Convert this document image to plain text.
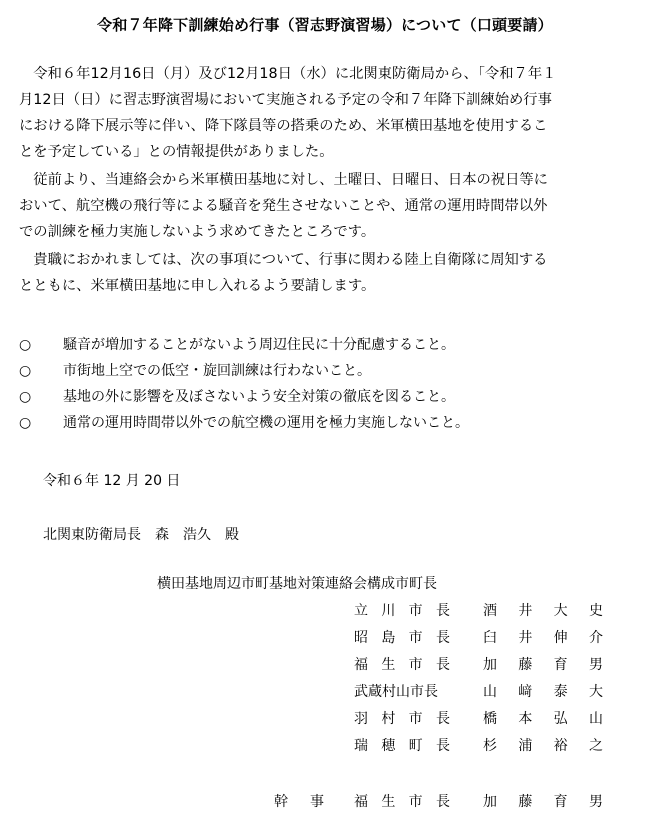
令和７年降下訓練始め行事（習志野演習場）について（口頭要請）
　令和６年12月16日（月）及び12月18日（水）に北関東防衛局から、「令和７年１
月12日（日）に習志野演習場において実施される予定の令和７年降下訓練始め行事
における降下展示等に伴い、降下隊員等の搭乗のため、米軍横田基地を使用するこ
とを予定している」との情報提供がありました。
　従前より、当連絡会から米軍横田基地に対し、土曜日、日曜日、日本の祝日等に
おいて、航空機の飛行等による騒音を発生させないことや、通常の運用時間帯以外
での訓練を極力実施しないよう求めてきたところです。
　貴職におかれましては、次の事項について、行事に関わる陸上自衛隊に周知する
とともに、米軍横田基地に申し入れるよう要請します。
○ 騒音が増加することがないよう周辺住民に十分配慮すること。
○ 市街地上空での低空・旋回訓練は行わないこと。
○ 基地の外に影響を及ぼさないよう安全対策の徹底を図ること。
○ 通常の運用時間帯以外での航空機の運用を極力実施しないこと。
令和６年 12 月 20 日
北関東防衛局長　森　浩久　殿
横田基地周辺市町基地対策連絡会構成市町長
立 川 市 長 酒 井 大 史
昭 島 市 長 臼 井 伸 介
福 生 市 長 加 藤 育 男
武蔵村山市長	山 﨑 泰 大
羽 村 市 長 橋 本 弘 山
瑞 穂 町 長 杉 浦 裕 之
幹 事 福 生 市 長 加 藤 育 男
